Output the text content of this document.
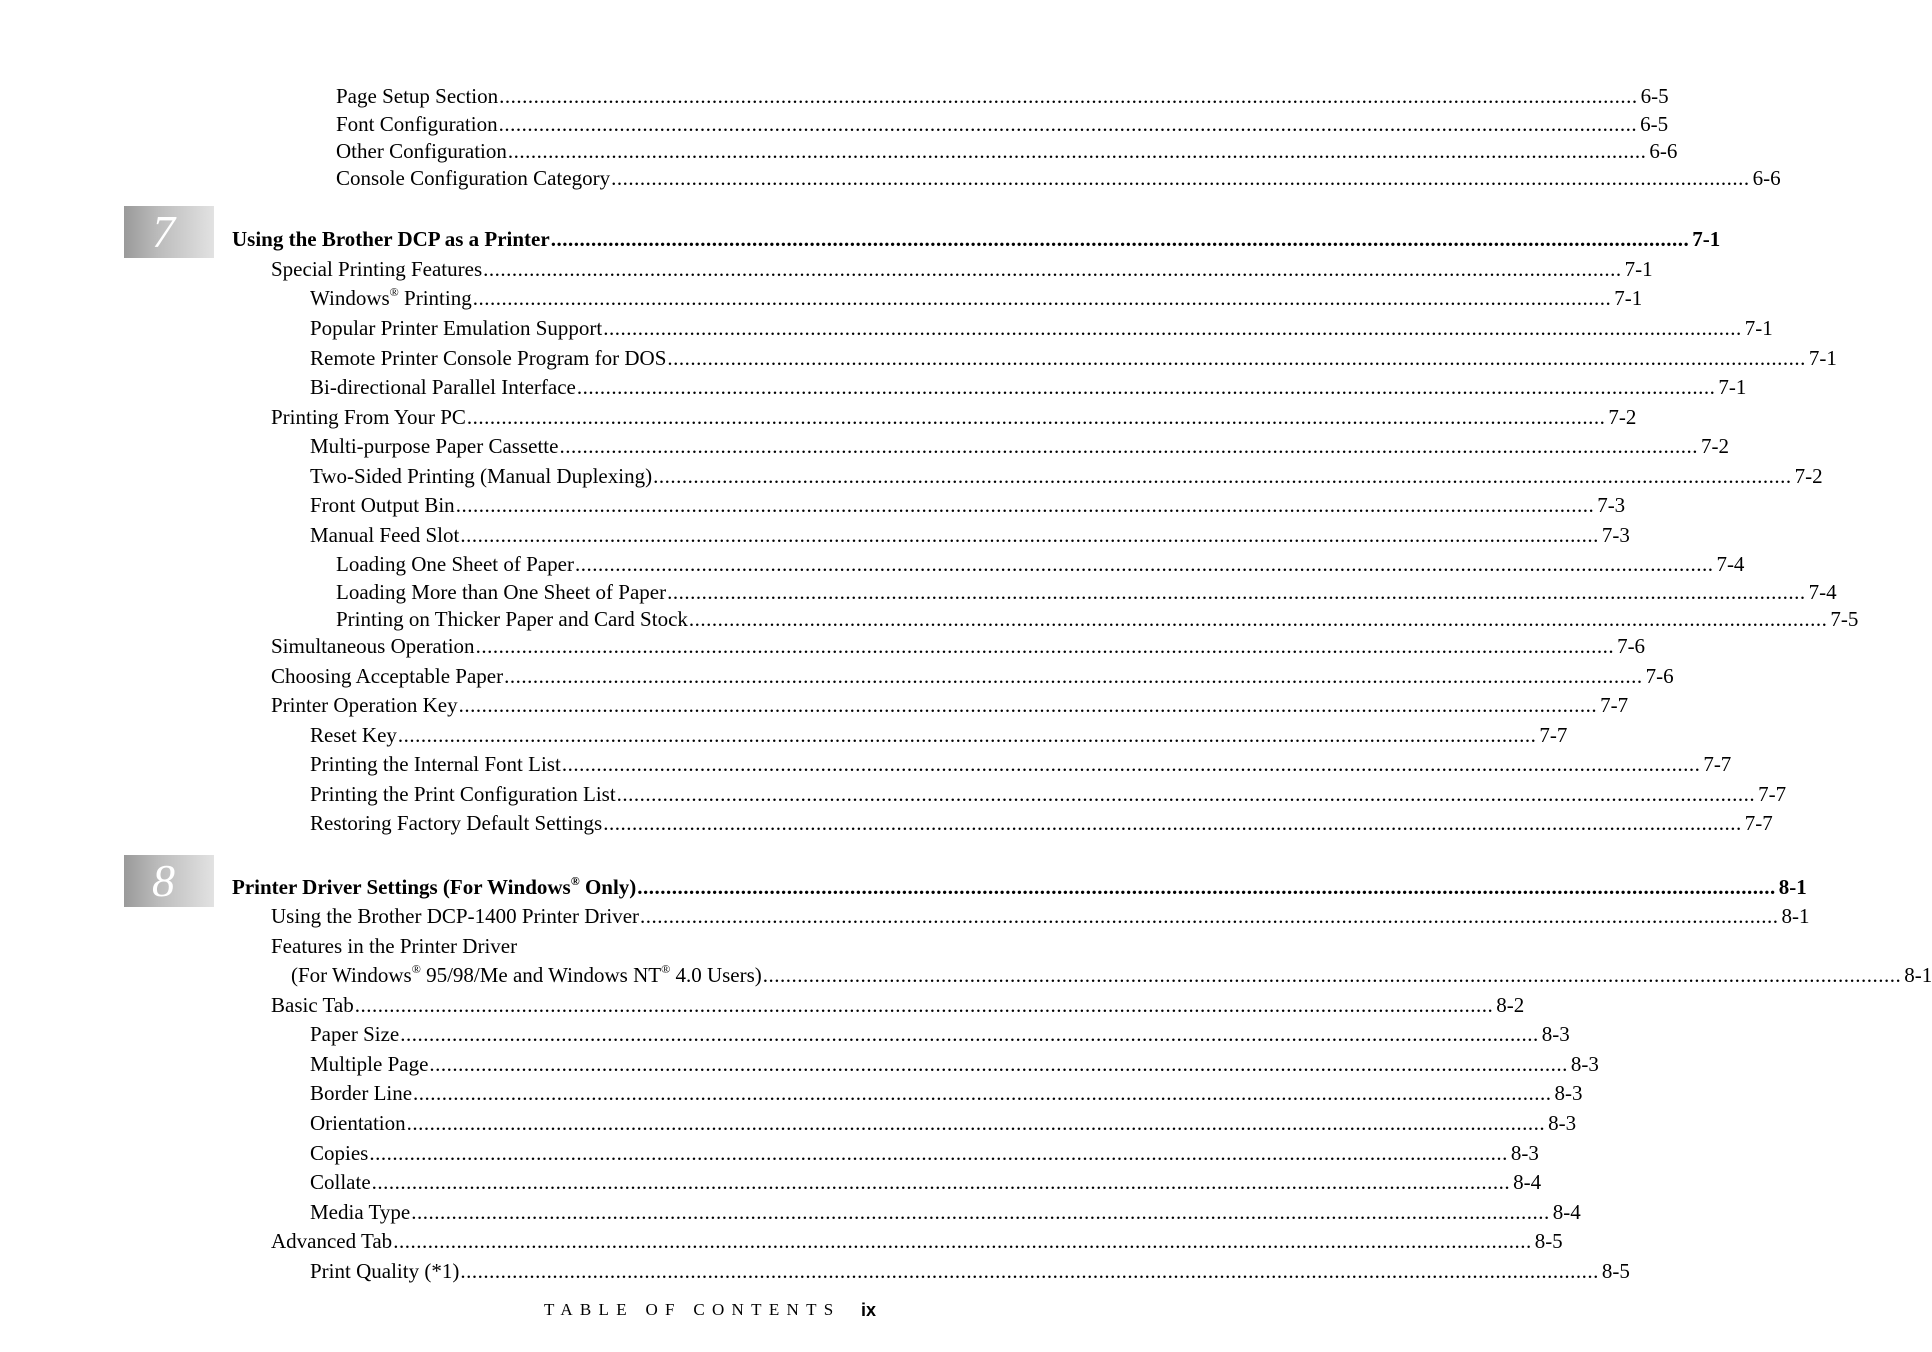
Page Setup Section ...................................................................................................................................................................................................... 6-5
Font Configuration ...................................................................................................................................................................................................... 6-5
Other Configuration ...................................................................................................................................................................................................... 6-6
Console Configuration Category ...................................................................................................................................................................................................... 6-6
7	Using the Brother DCP as a Printer ...................................................................................................................................................................................................... 7-1
Special Printing Features ...................................................................................................................................................................................................... 7-1
Windows® Printing ...................................................................................................................................................................................................... 7-1
Popular Printer Emulation Support ...................................................................................................................................................................................................... 7-1
Remote Printer Console Program for DOS ...................................................................................................................................................................................................... 7-1
Bi-directional Parallel Interface ...................................................................................................................................................................................................... 7-1
Printing From Your PC ...................................................................................................................................................................................................... 7-2
Multi-purpose Paper Cassette ...................................................................................................................................................................................................... 7-2
Two-Sided Printing (Manual Duplexing) ...................................................................................................................................................................................................... 7-2
Front Output Bin ...................................................................................................................................................................................................... 7-3
Manual Feed Slot ...................................................................................................................................................................................................... 7-3
Loading One Sheet of Paper ...................................................................................................................................................................................................... 7-4
Loading More than One Sheet of Paper ...................................................................................................................................................................................................... 7-4
Printing on Thicker Paper and Card Stock ...................................................................................................................................................................................................... 7-5
Simultaneous Operation ...................................................................................................................................................................................................... 7-6
Choosing Acceptable Paper ...................................................................................................................................................................................................... 7-6
Printer Operation Key ...................................................................................................................................................................................................... 7-7
Reset Key ...................................................................................................................................................................................................... 7-7
Printing the Internal Font List ...................................................................................................................................................................................................... 7-7
Printing the Print Configuration List ...................................................................................................................................................................................................... 7-7
Restoring Factory Default Settings ...................................................................................................................................................................................................... 7-7
8	Printer Driver Settings (For Windows® Only) ...................................................................................................................................................................................................... 8-1
Using the Brother DCP-1400 Printer Driver ...................................................................................................................................................................................................... 8-1
Features in the Printer Driver
(For Windows® 95/98/Me and Windows NT® 4.0 Users) ...................................................................................................................................................................................................... 8-1
Basic Tab ...................................................................................................................................................................................................... 8-2
Paper Size ...................................................................................................................................................................................................... 8-3
Multiple Page ...................................................................................................................................................................................................... 8-3
Border Line ...................................................................................................................................................................................................... 8-3
Orientation ...................................................................................................................................................................................................... 8-3
Copies ...................................................................................................................................................................................................... 8-3
Collate ...................................................................................................................................................................................................... 8-4
Media Type ...................................................................................................................................................................................................... 8-4
Advanced Tab ...................................................................................................................................................................................................... 8-5
Print Quality (*1) ...................................................................................................................................................................................................... 8-5
TABLE OF CONTENTS ix
